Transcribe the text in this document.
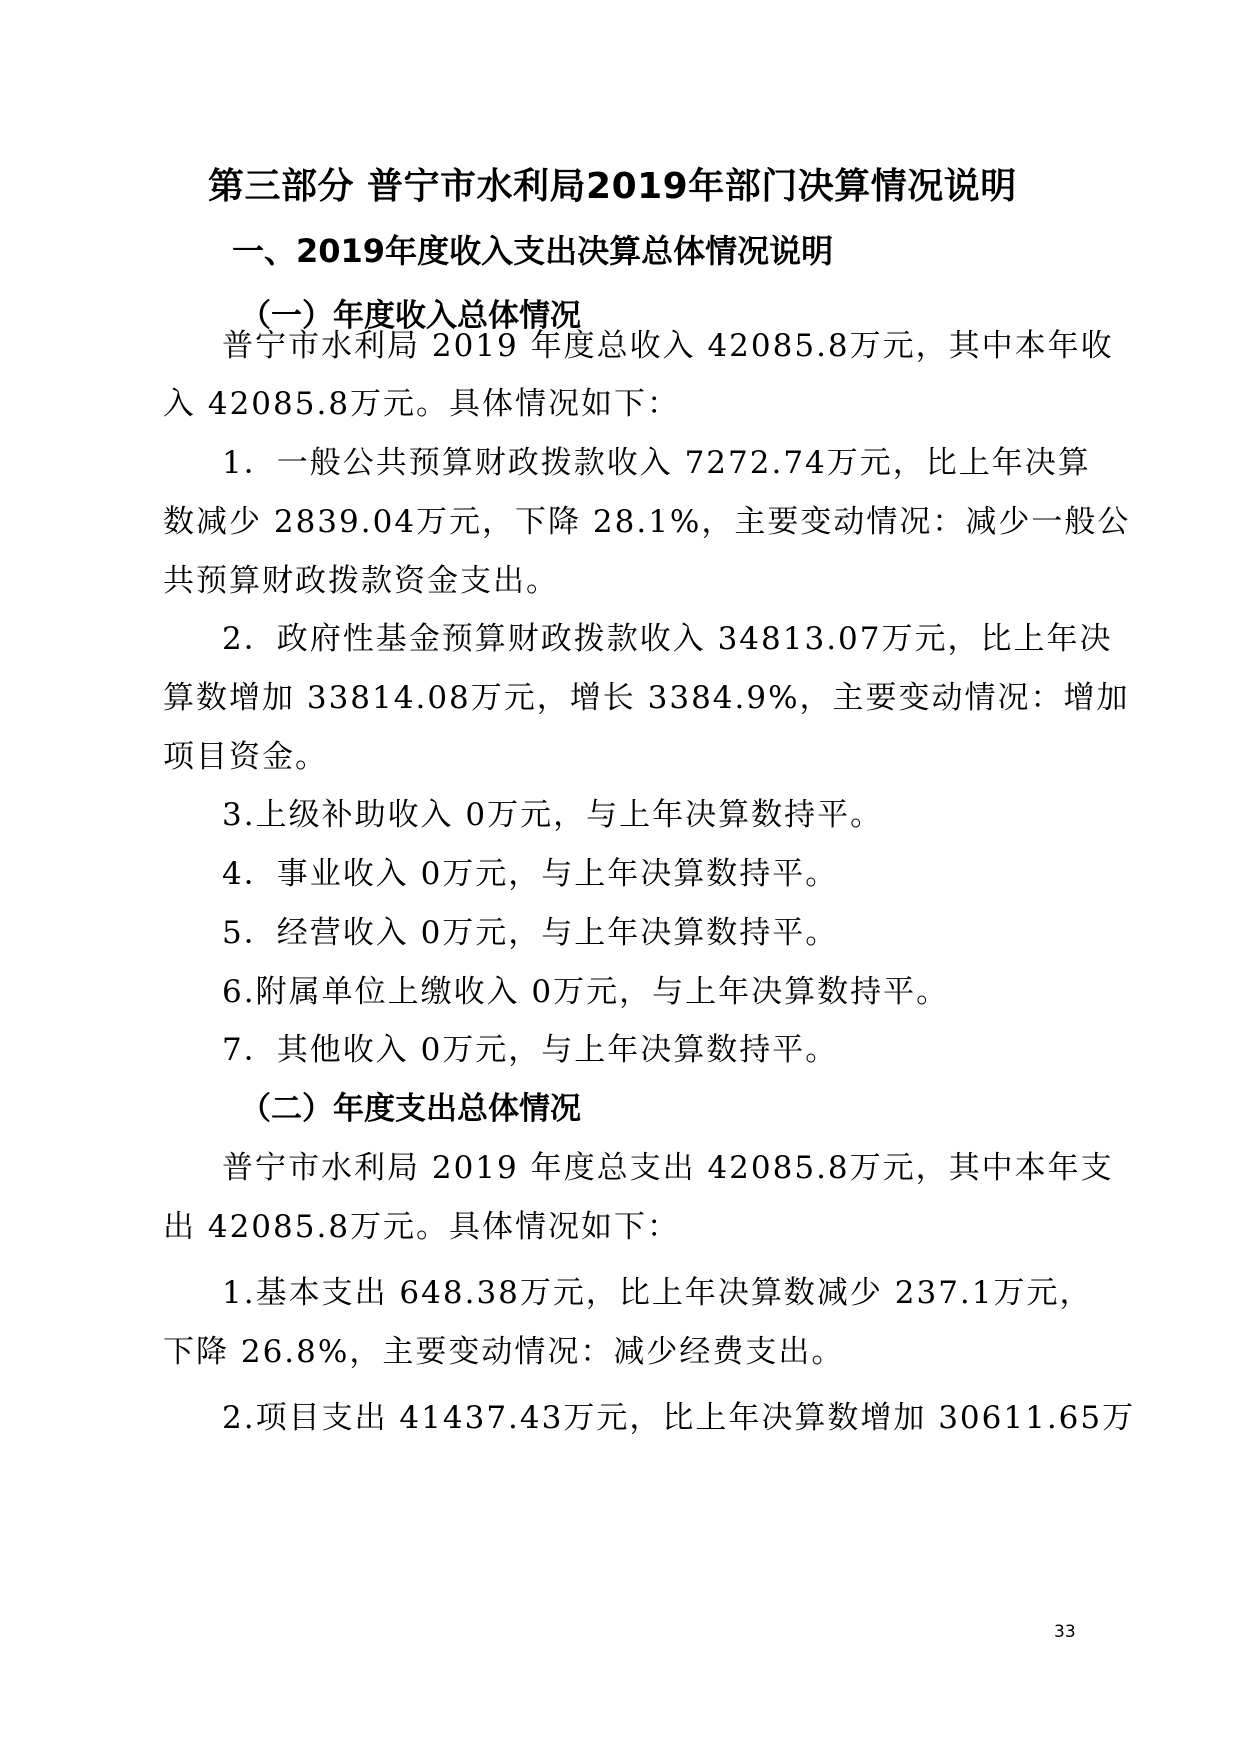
第三部分 普宁市水利局2019年部门决算情况说明
一、2019年度收入支出决算总体情况说明
（一）年度收入总体情况
普宁市水利局 2019 年度总收入 42085.8万元，其中本年收
入 42085.8万元。具体情况如下：
1．一般公共预算财政拨款收入 7272.74万元，比上年决算
数减少 2839.04万元，下降 28.1%，主要变动情况：减少一般公
共预算财政拨款资金支出。
2．政府性基金预算财政拨款收入 34813.07万元，比上年决
算数增加 33814.08万元，增长 3384.9%，主要变动情况：增加
项目资金。
3.上级补助收入 0万元，与上年决算数持平。
4．事业收入 0万元，与上年决算数持平。
5．经营收入 0万元，与上年决算数持平。
6.附属单位上缴收入 0万元，与上年决算数持平。
7．其他收入 0万元，与上年决算数持平。
（二）年度支出总体情况
普宁市水利局 2019 年度总支出 42085.8万元，其中本年支
出 42085.8万元。具体情况如下：
1.基本支出 648.38万元，比上年决算数减少 237.1万元，
下降 26.8%，主要变动情况：减少经费支出。
2.项目支出 41437.43万元，比上年决算数增加 30611.65万
33
